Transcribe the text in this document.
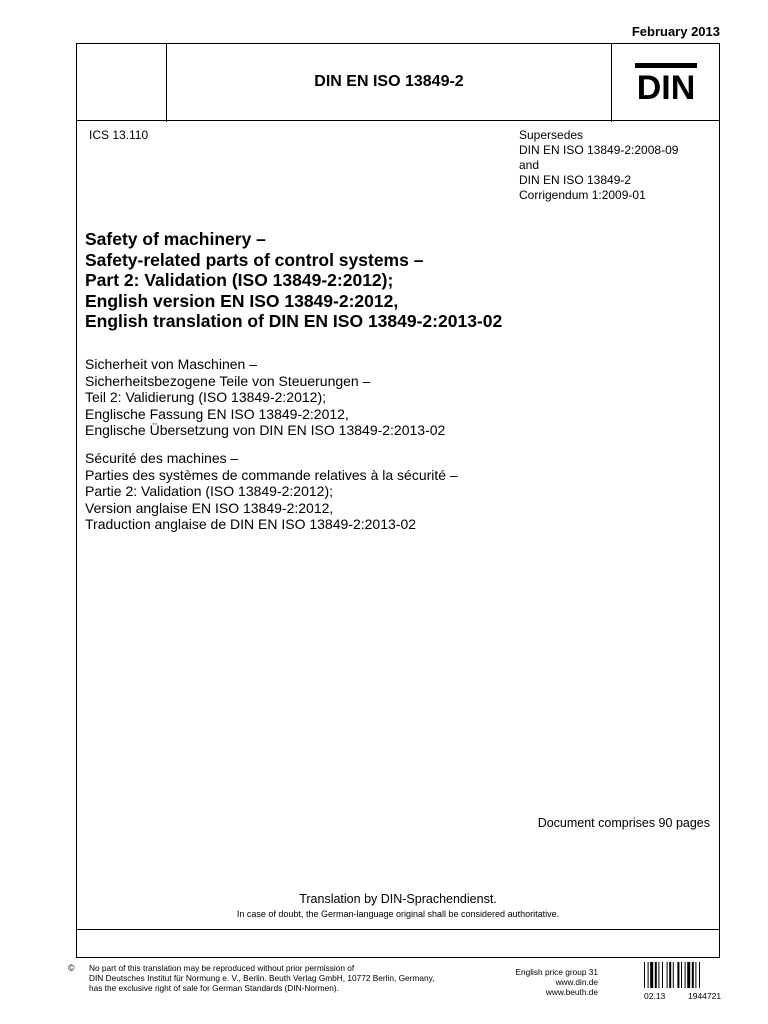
February 2013
DIN EN ISO 13849-2	DIN
ICS 13.110	Supersedes
DIN EN ISO 13849-2:2008-09
and
DIN EN ISO 13849-2
Corrigendum 1:2009-01
Safety of machinery –
Safety-related parts of control systems –
Part 2: Validation (ISO 13849-2:2012);
English version EN ISO 13849-2:2012,
English translation of DIN EN ISO 13849-2:2013-02
Sicherheit von Maschinen –
Sicherheitsbezogene Teile von Steuerungen –
Teil 2: Validierung (ISO 13849-2:2012);
Englische Fassung EN ISO 13849-2:2012,
Englische Übersetzung von DIN EN ISO 13849-2:2013-02
Sécurité des machines –
Parties des systèmes de commande relatives à la sécurité –
Partie 2: Validation (ISO 13849-2:2012);
Version anglaise EN ISO 13849-2:2012,
Traduction anglaise de DIN EN ISO 13849-2:2013-02
Document comprises 90 pages
Translation by DIN-Sprachendienst.
In case of doubt, the German-language original shall be considered authoritative.
© No part of this translation may be reproduced without prior permission of
DIN Deutsches Institut für Normung e. V., Berlin. Beuth Verlag GmbH, 10772 Berlin, Germany,
has the exclusive right of sale for German Standards (DIN-Normen).
English price group 31
www.din.de
www.beuth.de	02.13	1944721
